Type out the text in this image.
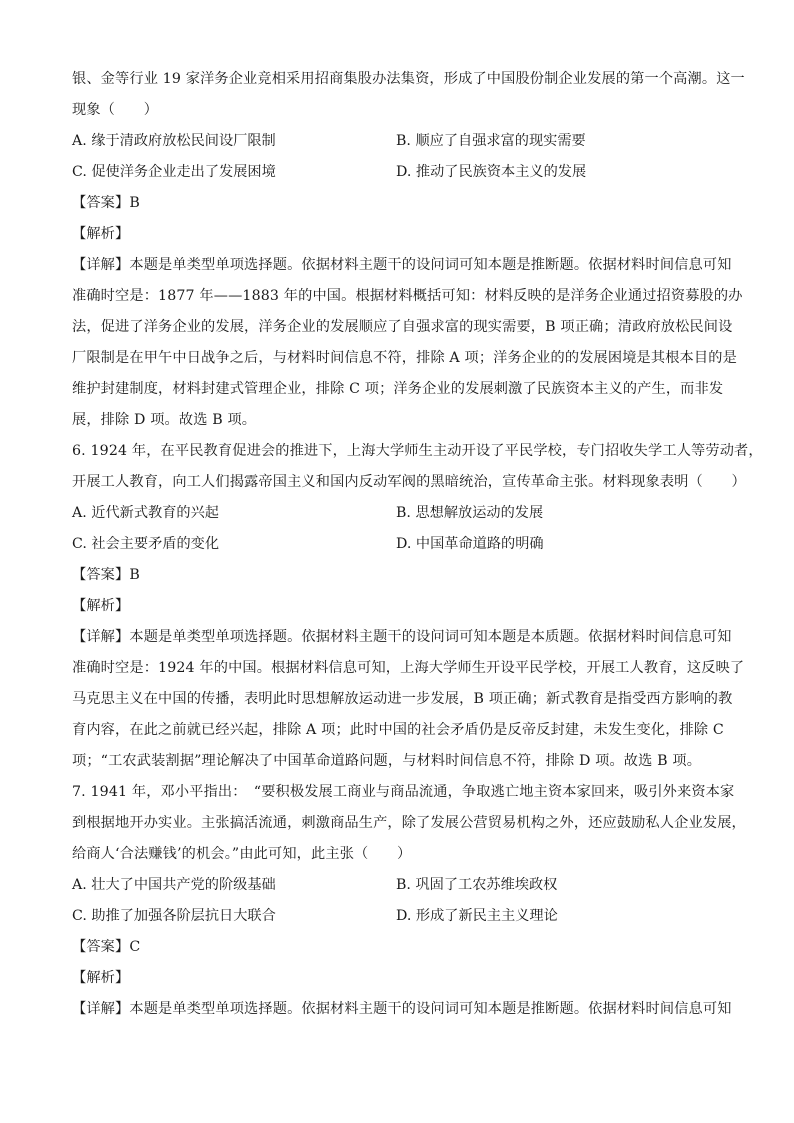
银、金等行业 19 家洋务企业竞相采用招商集股办法集资，形成了中国股份制企业发展的第一个高潮。这一
现象（　　）
A. 缘于清政府放松民间设厂限制	B. 顺应了自强求富的现实需要
C. 促使洋务企业走出了发展困境	D. 推动了民族资本主义的发展
【答案】B
【解析】
【详解】本题是单类型单项选择题。依据材料主题干的设问词可知本题是推断题。依据材料时间信息可知
准确时空是：1877 年——1883 年的中国。根据材料概括可知：材料反映的是洋务企业通过招资募股的办
法，促进了洋务企业的发展，洋务企业的发展顺应了自强求富的现实需要，B 项正确；清政府放松民间设
厂限制是在甲午中日战争之后，与材料时间信息不符，排除 A 项；洋务企业的的发展困境是其根本目的是
维护封建制度，材料封建式管理企业，排除 C 项；洋务企业的发展刺激了民族资本主义的产生，而非发
展，排除 D 项。故选 B 项。
6. 1924 年，在平民教育促进会的推进下，上海大学师生主动开设了平民学校，专门招收失学工人等劳动者，
开展工人教育，向工人们揭露帝国主义和国内反动军阀的黑暗统治，宣传革命主张。材料现象表明（　　）
A. 近代新式教育的兴起	B. 思想解放运动的发展
C. 社会主要矛盾的变化	D. 中国革命道路的明确
【答案】B
【解析】
【详解】本题是单类型单项选择题。依据材料主题干的设问词可知本题是本质题。依据材料时间信息可知
准确时空是：1924 年的中国。根据材料信息可知，上海大学师生开设平民学校，开展工人教育，这反映了
马克思主义在中国的传播，表明此时思想解放运动进一步发展，B 项正确；新式教育是指受西方影响的教
育内容，在此之前就已经兴起，排除 A 项；此时中国的社会矛盾仍是反帝反封建，未发生变化，排除 C
项；“工农武装割据”理论解决了中国革命道路问题，与材料时间信息不符，排除 D 项。故选 B 项。
7. 1941 年，邓小平指出：　“要积极发展工商业与商品流通，争取逃亡地主资本家回来，吸引外来资本家
到根据地开办实业。主张搞活流通，刺激商品生产，除了发展公营贸易机构之外，还应鼓励私人企业发展，
给商人‘合法赚钱’的机会。”由此可知，此主张（　　）
A. 壮大了中国共产党的阶级基础	B. 巩固了工农苏维埃政权
C. 助推了加强各阶层抗日大联合	D. 形成了新民主主义理论
【答案】C
【解析】
【详解】本题是单类型单项选择题。依据材料主题干的设问词可知本题是推断题。依据材料时间信息可知
